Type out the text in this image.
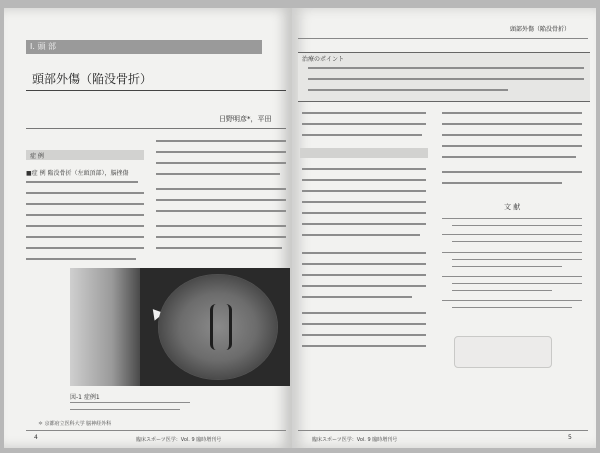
Ⅰ. 頭 部
頭部外傷（陥没骨折）
日野明彦*，平田
症 例
■症 例 陥没骨折（左頭頂部），脳挫傷
図-1 症例1
＊ 京都府立医科大学 脳神経外科
4	臨床スポーツ医学：Vol. 9 臨時増刊号
頭部外傷（陥没骨折）
治療のポイント
文 献
臨床スポーツ医学：Vol. 9 臨時増刊号	5
